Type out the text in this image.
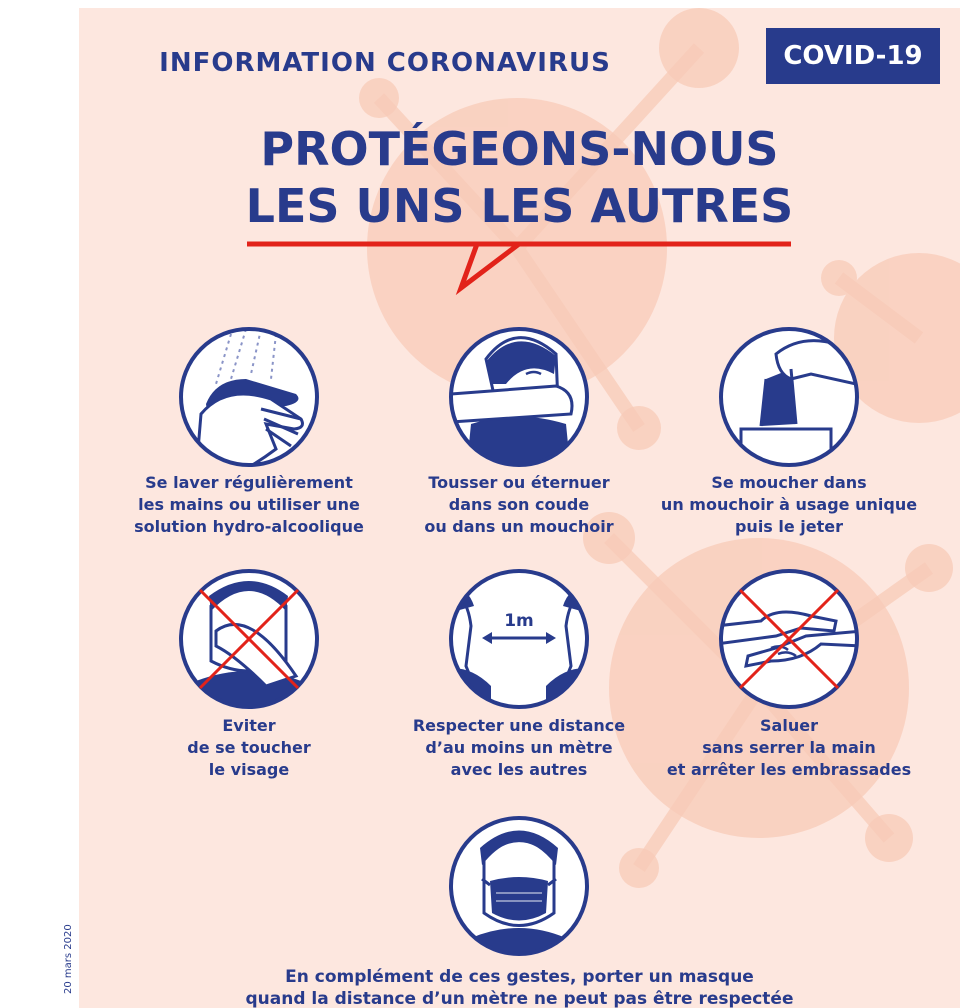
20 mars 2020
INFORMATION CORONAVIRUS	COVID-19
PROTÉGEONS-NOUS
LES UNS LES AUTRES
Se laver régulièrement
les mains ou utiliser une
solution hydro-alcoolique
Tousser ou éternuer
dans son coude
ou dans un mouchoir
Se moucher dans
un mouchoir à usage unique
puis le jeter
1m
Eviter
de se toucher
le visage
Respecter une distance
d’au moins un mètre
avec les autres
Saluer
sans serrer la main
et arrêter les embrassades
En complément de ces gestes, porter un masque
quand la distance d’un mètre ne peut pas être respectée
